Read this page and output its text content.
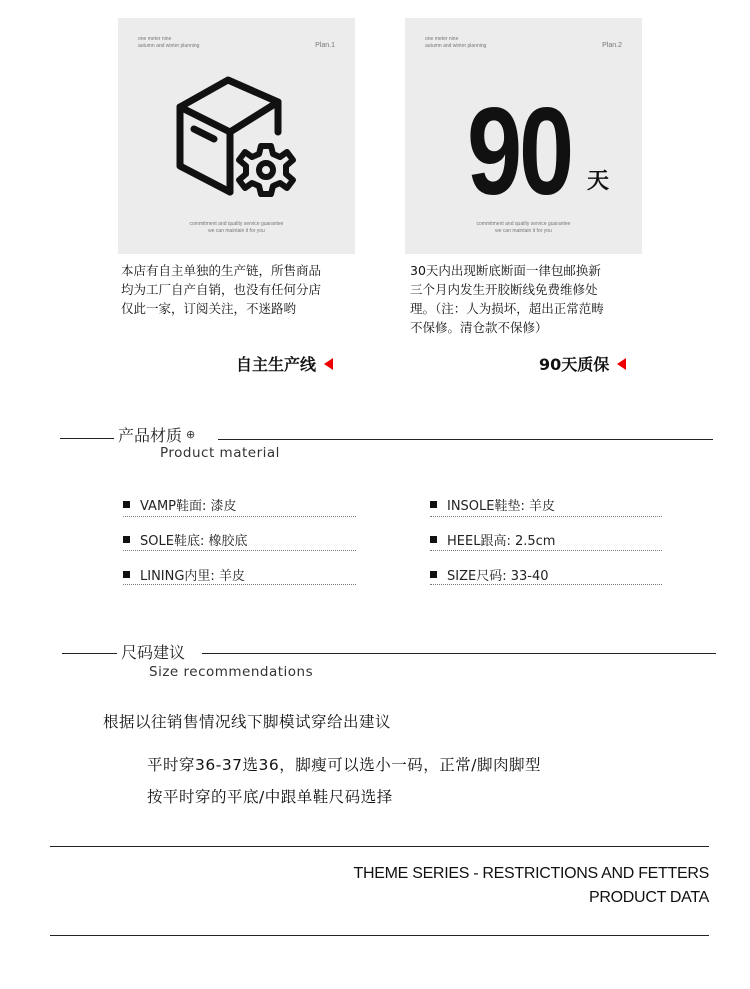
one meter nine
autumn and winter planning	Plan.1
commitment and quality service guarantee
we can maintain it for you
本店有自主单独的生产链，所售商品
均为工厂自产自销，也没有任何分店
仅此一家，订阅关注，不迷路哟
自主生产线
one meter nine
autumn and winter planning	Plan.2
90 天
commitment and quality service guarantee
we can maintain it for you
30天内出现断底断面一律包邮换新
三个月内发生开胶断线免费维修处
理。（注：人为损坏，超出正常范畴
不保修。清仓款不保修）
90天质保
产品材质 ⊕
Product material
VAMP鞋面: 漆皮
SOLE鞋底: 橡胶底
LINING内里: 羊皮
INSOLE鞋垫: 羊皮
HEEL跟高: 2.5cm
SIZE尺码: 33-40
尺码建议
Size recommendations
根据以往销售情况线下脚模试穿给出建议
平时穿36-37选36，脚瘦可以选小一码，正常/脚肉脚型
按平时穿的平底/中跟单鞋尺码选择
THEME SERIES - RESTRICTIONS AND FETTERS
PRODUCT DATA
